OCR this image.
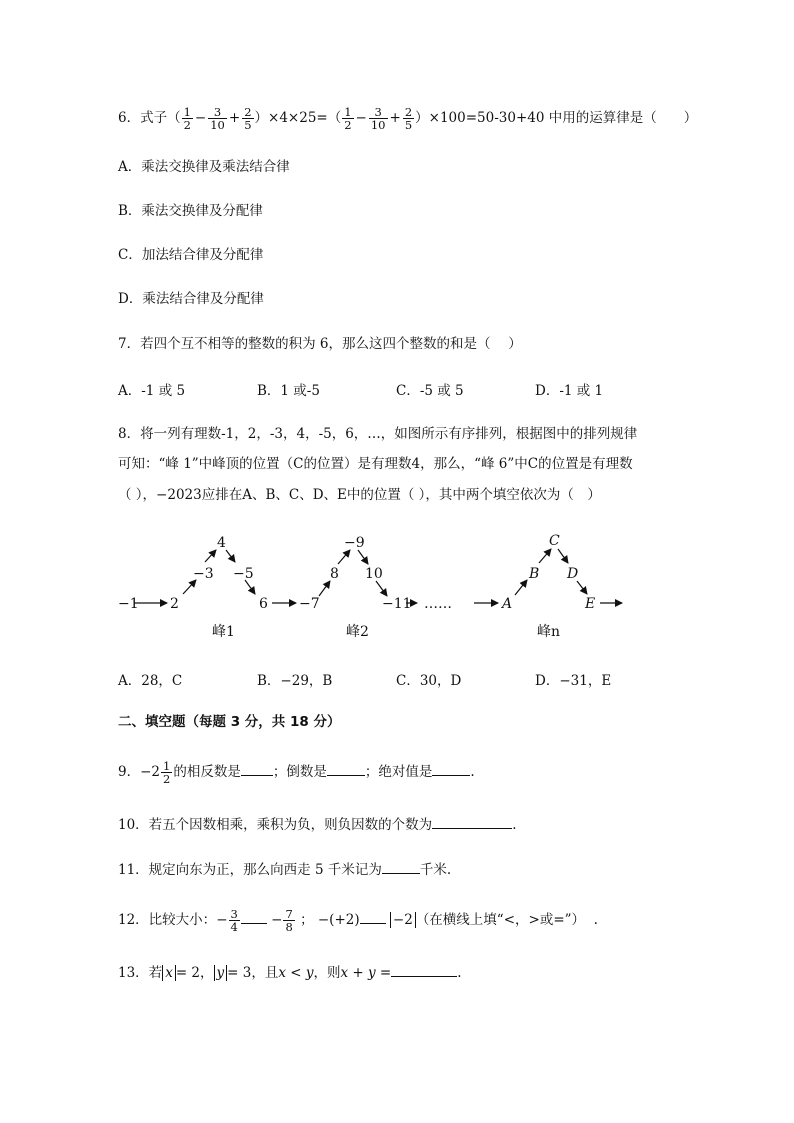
6．式子（ $\frac{1}{2} - \frac{3}{10} + \frac{2}{5} )\times 4\times 25=( \frac{1}{2} - \frac{3}{10} + \frac{2}{5} )\times 100=50-30+40$ 中用的运算律是（　　）
A．乘法交换律及乘法结合律
B．乘法交换律及分配律
C．加法结合律及分配律
D．乘法结合律及分配律
7．若四个互不相等的整数的积为 6，那么这四个整数的和是（　 ）
A．-1 或 5	B．1 或-5	C．-5 或 5	D．-1 或 1
8．将一列有理数-1，2，-3，4，-5，6，…，如图所示有序排列，根据图中的排列规律
可知：“峰 1”中峰顶的位置（C的位置）是有理数4，那么，“峰 6”中C的位置是有理数
（ ），−2023应排在A、B、C、D、E中的位置（ ），其中两个填空依次为（　）
−1 2
−3
4
−5
6 −7
8
−9
10
−11 ……	A
B
C
D
E
峰1	峰2	峰n
A．28，C	B．−29，B	C．30，D	D．−31，E
二、填空题（每题 3 分，共 18 分）
9．$-2 \frac{1}{2}$ 的相反数是 ；倒数是	；绝对值是	.
10．若五个因数相乘，乘积为负，则负因数的个数为	.
11．规定向东为正，那么向西走 5 千米记为	千米.
12．比较大小：− $\frac{3}{4} - \frac{7}{8}$ ； −(+2) −2 （在横线上填“<，>或=”） .
13．若 x = 2， y = 3，且x < y，则x + y =	.
